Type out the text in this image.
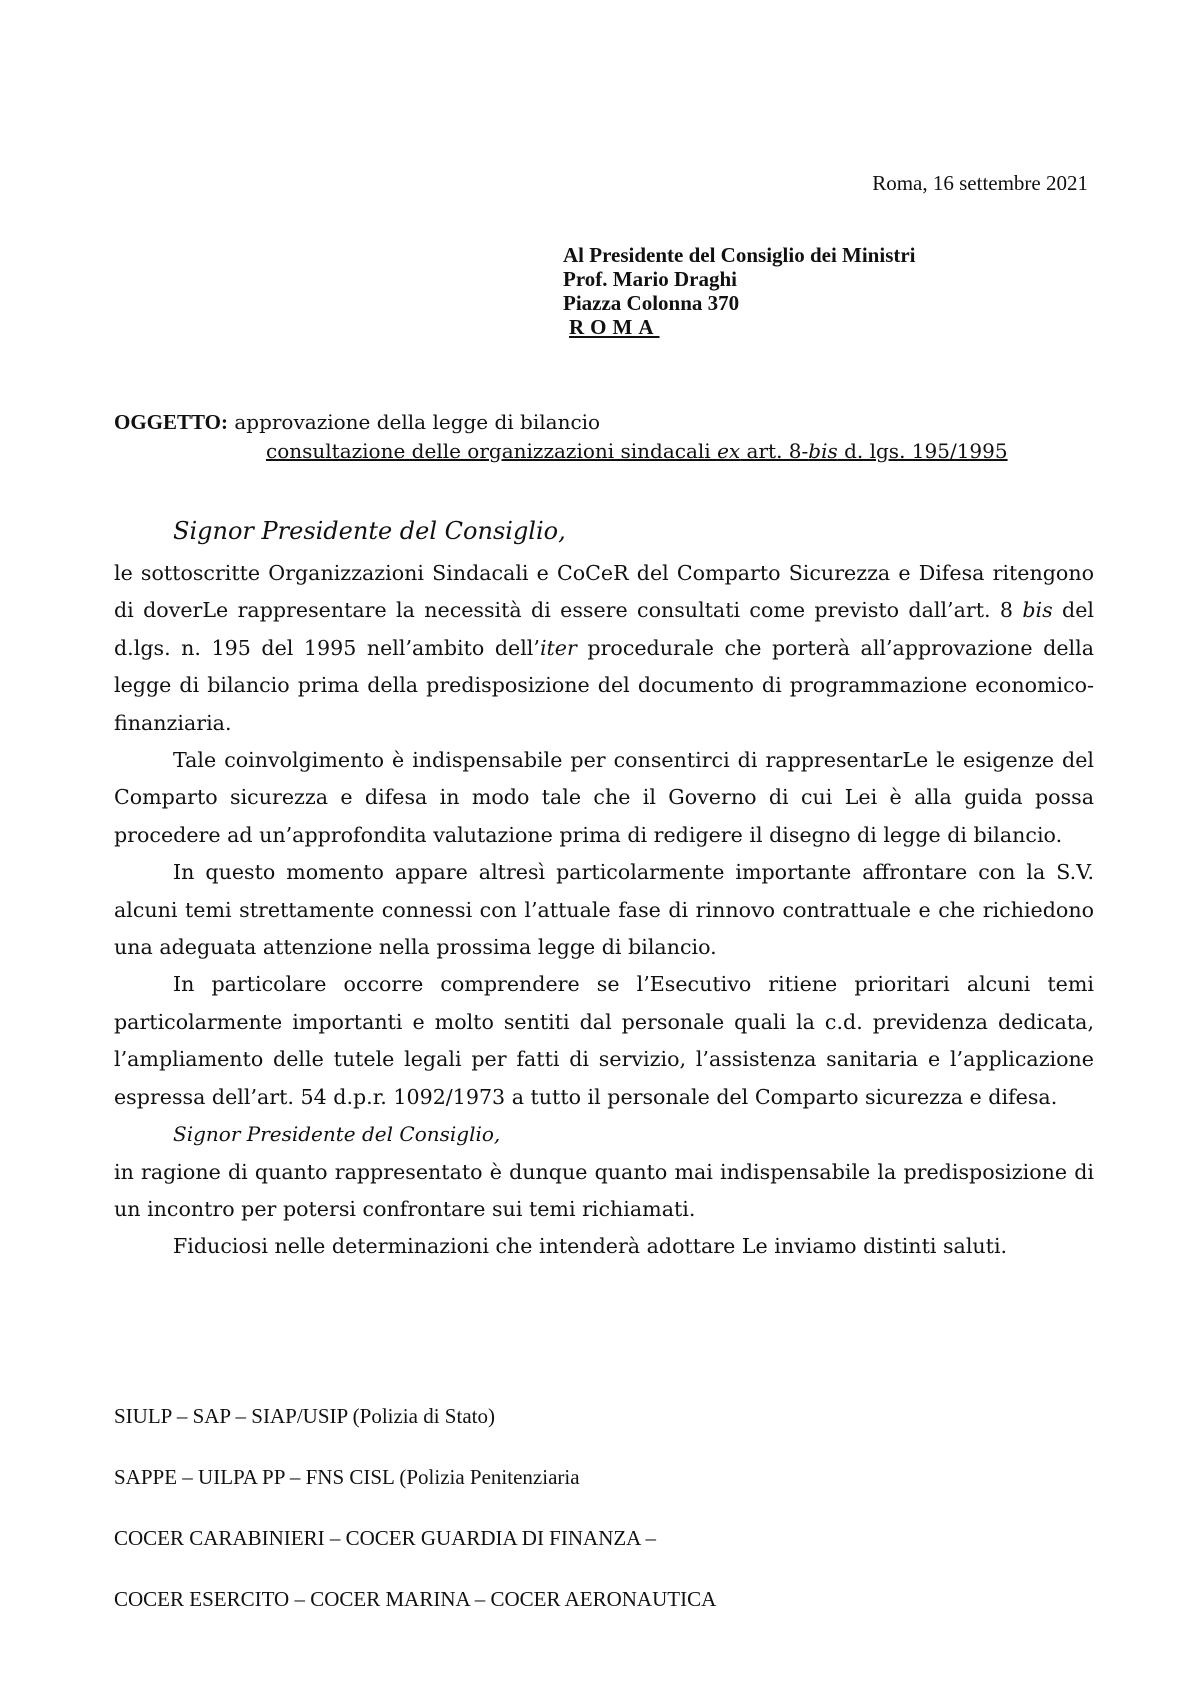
Roma, 16 settembre 2021
Al Presidente del Consiglio dei Ministri
Prof. Mario Draghi
Piazza Colonna 370
ROMA
OGGETTO: approvazione della legge di bilancio
consultazione delle organizzazioni sindacali ex art. 8-bis d. lgs. 195/1995
Signor Presidente del Consiglio,

le sottoscritte Organizzazioni Sindacali e CoCeR del Comparto Sicurezza e Difesa ritengono di doverLe rappresentare la necessità di essere consultati come previsto dall’art. 8 bis del d.lgs. n. 195 del 1995 nell’ambito dell’iter procedurale che porterà all’approvazione della legge di bilancio prima della predisposizione del documento di programmazione economico-finanziaria.

Tale coinvolgimento è indispensabile per consentirci di rappresentarLe le esigenze del Comparto sicurezza e difesa in modo tale che il Governo di cui Lei è alla guida possa procedere ad un’approfondita valutazione prima di redigere il disegno di legge di bilancio.

In questo momento appare altresì particolarmente importante affrontare con la S.V. alcuni temi strettamente connessi con l’attuale fase di rinnovo contrattuale e che richiedono una adeguata attenzione nella prossima legge di bilancio.

In particolare occorre comprendere se l’Esecutivo ritiene prioritari alcuni temi particolarmente importanti e molto sentiti dal personale quali la c.d. previdenza dedicata, l’ampliamento delle tutele legali per fatti di servizio, l’assistenza sanitaria e l’applicazione espressa dell’art. 54 d.p.r. 1092/1973 a tutto il personale del Comparto sicurezza e difesa.

Signor Presidente del Consiglio,

in ragione di quanto rappresentato è dunque quanto mai indispensabile la predisposizione di un incontro per potersi confrontare sui temi richiamati.

Fiduciosi nelle determinazioni che intenderà adottare Le inviamo distinti saluti.

SIULP – SAP – SIAP/USIP (Polizia di Stato)
SAPPE – UILPA PP – FNS CISL (Polizia Penitenziaria
COCER CARABINIERI – COCER GUARDIA DI FINANZA –
COCER ESERCITO – COCER MARINA – COCER AERONAUTICA
